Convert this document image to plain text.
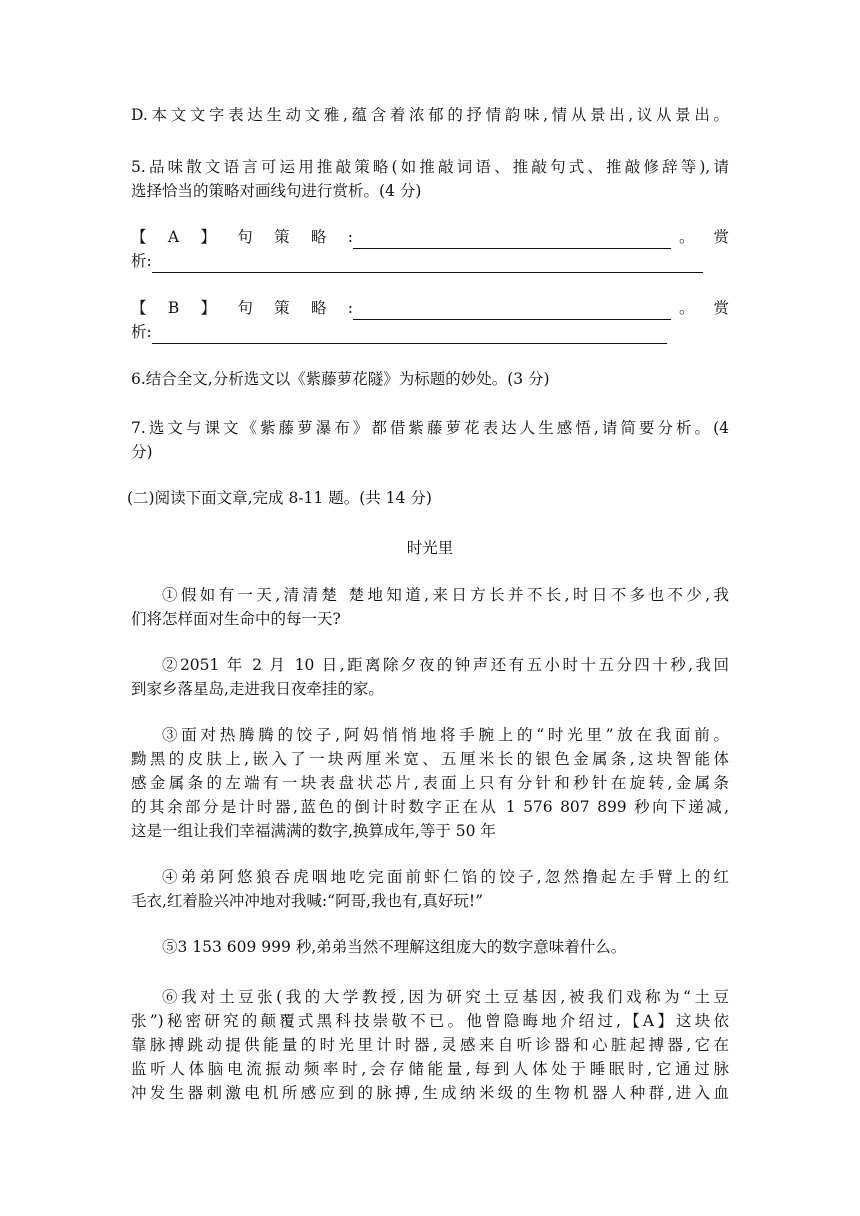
D.本文文字表达生动文雅,蕴含着浓郁的抒情韵味,情从景出,议从景出。
5.品味散文语言可运用推敲策略(如推敲词语、推敲句式、推敲修辞等),请
选择恰当的策略对画线句进行赏析。(4 分)
【 A 】 句 策 略 :	。 赏
析:
【 B 】 句 策 略 :	。 赏
析:
6.结合全文,分析选文以《紫藤萝花隧》为标题的妙处。(3 分)
7.选文与课文《紫藤萝瀑布》都借紫藤萝花表达人生感悟,请简要分析。(4
分)
(二)阅读下面文章,完成 8-11 题。(共 14 分)
时光里
①假如有一天,清清楚 楚地知道,来日方长并不长,时日不多也不少,我
们将怎样面对生命中的每一天?
②2051 年 2 月 10 日,距离除夕夜的钟声还有五小时十五分四十秒,我回
到家乡落星岛,走进我日夜牵挂的家。
③面对热腾腾的饺子,阿妈悄悄地将手腕上的“时光里”放在我面前。
黝黑的皮肤上,嵌入了一块两厘米宽、五厘米长的银色金属条,这块智能体
感金属条的左端有一块表盘状芯片,表面上只有分针和秒针在旋转,金属条
的其余部分是计时器,蓝色的倒计时数字正在从 1 576 807 899 秒向下递减,
这是一组让我们幸福满满的数字,换算成年,等于 50 年
④弟弟阿悠狼吞虎咽地吃完面前虾仁馅的饺子,忽然撸起左手臂上的红
毛衣,红着脸兴冲冲地对我喊:“阿哥,我也有,真好玩!”
⑤3 153 609 999 秒,弟弟当然不理解这组庞大的数字意味着什么。
⑥我对土豆张(我的大学教授,因为研究土豆基因,被我们戏称为“土豆
张”)秘密研究的颠覆式黑科技崇敬不已。他曾隐晦地介绍过,【A】这块依
靠脉搏跳动提供能量的时光里计时器,灵感来自听诊器和心脏起搏器,它在
监听人体脑电流振动频率时,会存储能量,每到人体处于睡眠时,它通过脉
冲发生器刺激电机所感应到的脉搏,生成纳米级的生物机器人种群,进入血
